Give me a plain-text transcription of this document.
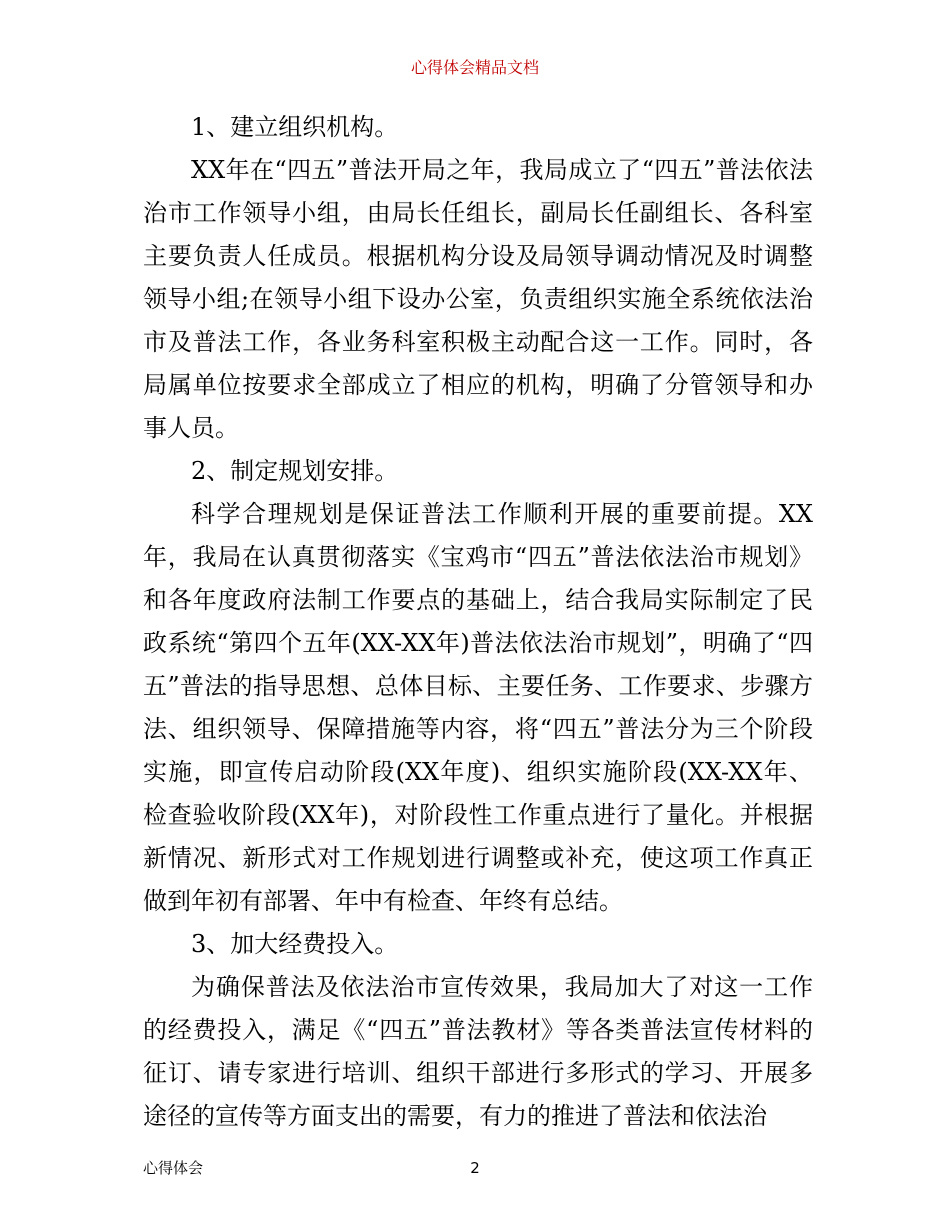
心得体会精品文档

1、建立组织机构。

XX年在“四五”普法开局之年，我局成立了“四五”普法依法治市工作领导小组，由局长任组长，副局长任副组长、各科室主要负责人任成员。根据机构分设及局领导调动情况及时调整领导小组;在领导小组下设办公室，负责组织实施全系统依法治市及普法工作，各业务科室积极主动配合这一工作。同时，各局属单位按要求全部成立了相应的机构，明确了分管领导和办事人员。

2、制定规划安排。

科学合理规划是保证普法工作顺利开展的重要前提。XX年，我局在认真贯彻落实《宝鸡市“四五”普法依法治市规划》和各年度政府法制工作要点的基础上，结合我局实际制定了民政系统“第四个五年(XX-XX年)普法依法治市规划”，明确了“四五”普法的指导思想、总体目标、主要任务、工作要求、步骤方法、组织领导、保障措施等内容，将“四五”普法分为三个阶段实施，即宣传启动阶段(XX年度)、组织实施阶段(XX-XX年、 检查验收阶段(XX年)，对阶段性工作重点进行了量化。并根据新情况、新形式对工作规划进行调整或补充，使这项工作真正做到年初有部署、年中有检查、年终有总结。

3、加大经费投入。

为确保普法及依法治市宣传效果，我局加大了对这一工作的经费投入，满足《“四五”普法教材》等各类普法宣传材料的征订、请专家进行培训、组织干部进行多形式的学习、开展多途径的宣传等方面支出的需要，有力的推进了普法和依法治

心得体会	2
